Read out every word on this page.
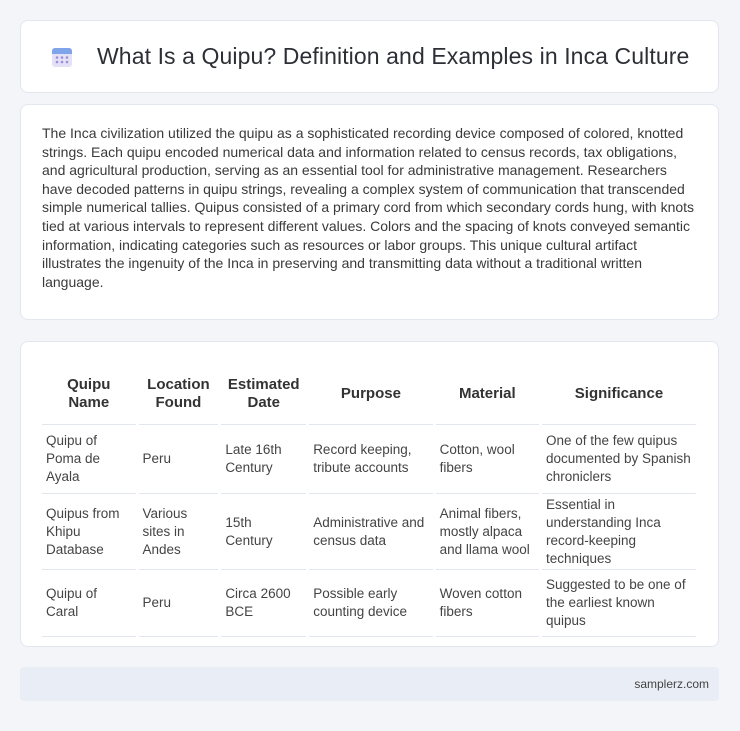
What Is a Quipu? Definition and Examples in Inca Culture

The Inca civilization utilized the quipu as a sophisticated recording device composed of colored, knotted strings. Each quipu encoded numerical data and information related to census records, tax obligations, and agricultural production, serving as an essential tool for administrative management. Researchers have decoded patterns in quipu strings, revealing a complex system of communication that transcended simple numerical tallies. Quipus consisted of a primary cord from which secondary cords hung, with knots tied at various intervals to represent different values. Colors and the spacing of knots conveyed semantic information, indicating categories such as resources or labor groups. This unique cultural artifact illustrates the ingenuity of the Inca in preserving and transmitting data without a traditional written language.

Quipu Name	Location Found	Estimated Date	Purpose	Material	Significance
Quipu of Poma de Ayala	Peru	Late 16th Century	Record keeping, tribute accounts	Cotton, wool fibers	One of the few quipus documented by Spanish chroniclers
Quipus from Khipu Database	Various sites in Andes	15th Century	Administrative and census data	Animal fibers, mostly alpaca and llama wool	Essential in understanding Inca record-keeping techniques
Quipu of Caral	Peru	Circa 2600 BCE	Possible early counting device	Woven cotton fibers	Suggested to be one of the earliest known quipus
samplerz.com
